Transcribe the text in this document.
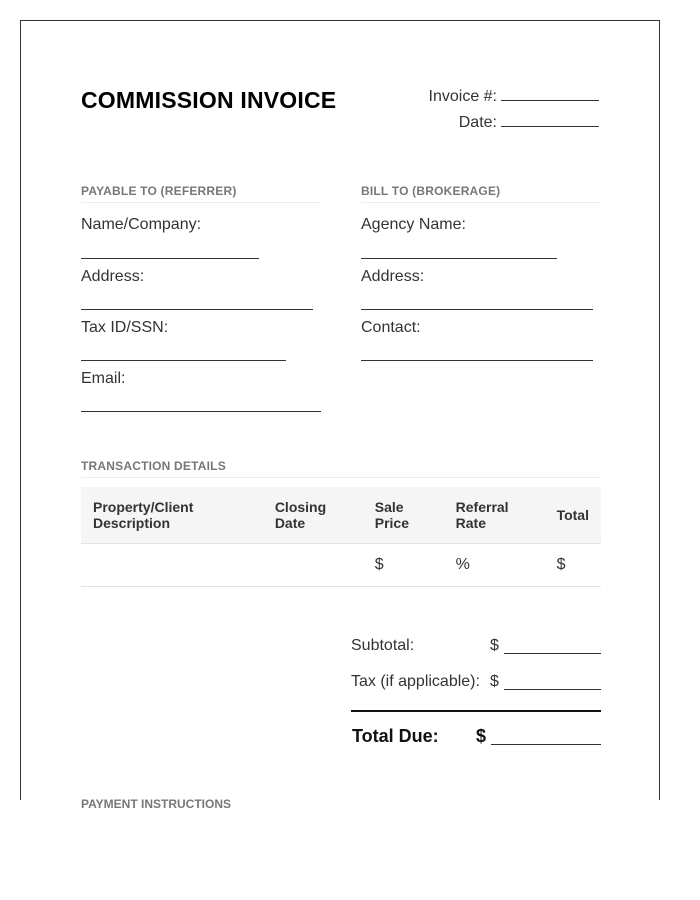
COMMISSION INVOICE	Invoice #:
Date:
PAYABLE TO (REFERRER)
Name/Company:
Address:
Tax ID/SSN:
Email:
BILL TO (BROKERAGE)
Agency Name:
Address:
Contact:
TRANSACTION DETAILS
Property/Client Description	Closing Date	Sale Price	Referral Rate	Total
		$	%	$
Subtotal:	$
Tax (if applicable): $
Total Due: $
PAYMENT INSTRUCTIONS
